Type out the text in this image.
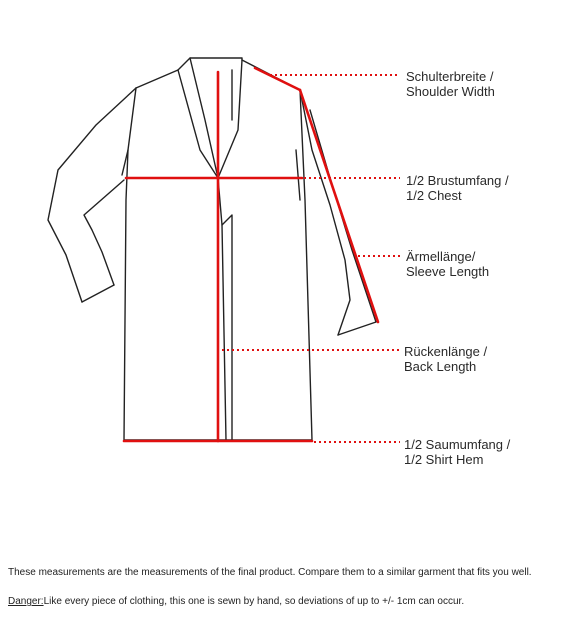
Schulterbreite /
Shoulder Width
1/2 Brustumfang /
1/2 Chest
Ärmellänge/
Sleeve Length
Rückenlänge /
Back Length
1/2 Saumumfang /
1/2 Shirt Hem
These measurements are the measurements of the final product. Compare them to a similar garment that fits you well.
Danger:Like every piece of clothing, this one is sewn by hand, so deviations of up to +/- 1cm can occur.
